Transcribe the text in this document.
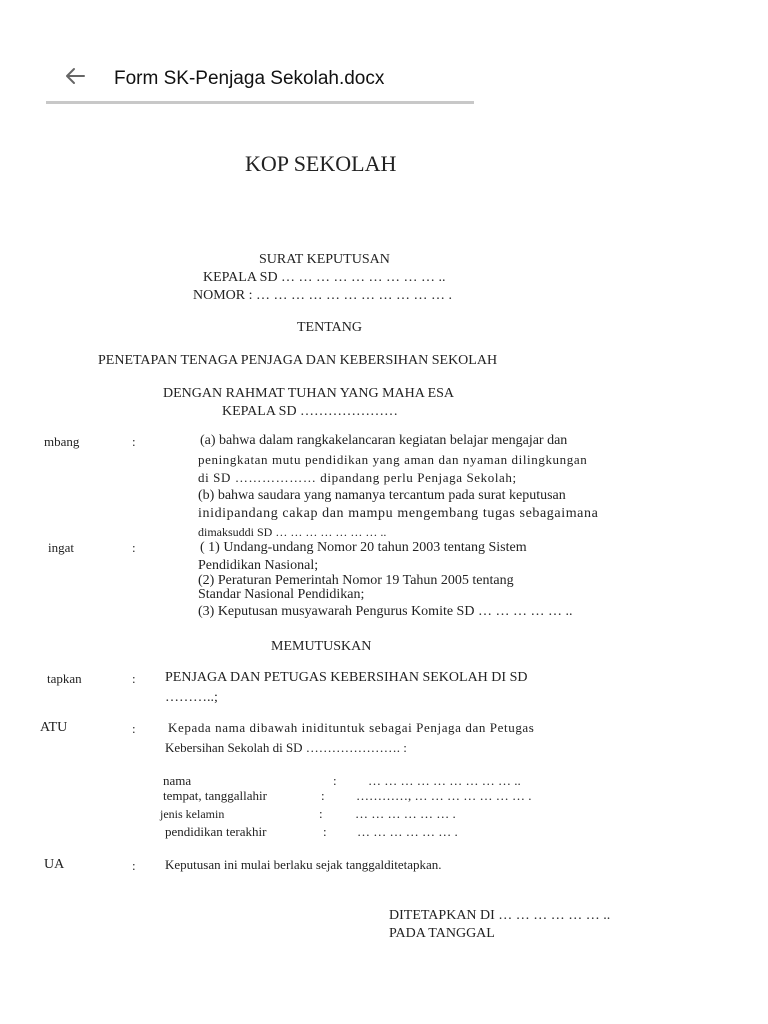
Form SK-Penjaga Sekolah.docx
KOP SEKOLAH
SURAT KEPUTUSAN
KEPALA SD … … … … … … … … … ..
NOMOR : … … … … … … … … … … … .
TENTANG
PENETAPAN TENAGA PENJAGA DAN KEBERSIHAN SEKOLAH
DENGAN RAHMAT TUHAN YANG MAHA ESA
KEPALA SD …………………
mbang	:	(a) bahwa dalam rangkakelancaran kegiatan belajar mengajar dan
peningkatan mutu pendidikan yang aman dan nyaman dilingkungan
di SD ……………… dipandang perlu Penjaga Sekolah;
(b) bahwa saudara yang namanya tercantum pada surat keputusan
inidipandang cakap dan mampu mengembang tugas sebagaimana
dimaksuddi SD … … … … … … … ..
ingat	:	( 1) Undang-undang Nomor 20 tahun 2003 tentang Sistem
Pendidikan Nasional;
(2) Peraturan Pemerintah Nomor 19 Tahun 2005 tentang
Standar Nasional Pendidikan;
(3) Keputusan musyawarah Pengurus Komite SD … … … … … ..
MEMUTUSKAN
tapkan	: PENJAGA DAN PETUGAS KEBERSIHAN SEKOLAH DI SD
………..;
ATU	: Kepada nama dibawah inidituntuk sebagai Penjaga dan Petugas
Kebersihan Sekolah di SD …………………. :
nama	: … … … … … … … … … ..
tempat, tanggallahir	: …………, … … … … … … … .
jenis kelamin	: … … … … … … .
pendidikan terakhir	: … … … … … … .
UA	: Keputusan ini mulai berlaku sejak tanggalditetapkan.
DITETAPKAN DI … … … … … … ..
PADA TANGGAL
